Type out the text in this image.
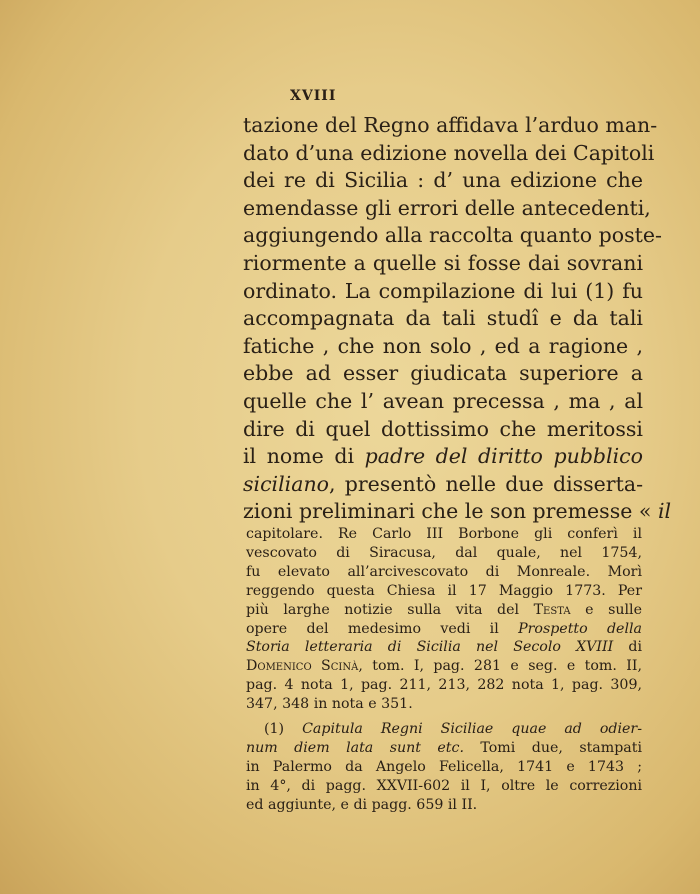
XVIII
tazione del Regno affidava l’arduo man-
dato d’una edizione novella dei Capitoli
dei re di Sicilia : d’ una edizione che
emendasse gli errori delle antecedenti,
aggiungendo alla raccolta quanto poste-
riormente a quelle si fosse dai sovrani
ordinato. La compilazione di lui (1) fu
accompagnata da tali studî e da tali
fatiche , che non solo , ed a ragione ,
ebbe ad esser giudicata superiore a
quelle che l’ avean precessa , ma , al
dire di quel dottissimo che meritossi
il nome di padre del diritto pubblico
siciliano, presentò nelle due disserta-
zioni preliminari che le son premesse « il
capitolare. Re Carlo III Borbone gli conferì il
vescovato di Siracusa, dal quale, nel 1754,
fu elevato all’arcivescovato di Monreale. Morì
reggendo questa Chiesa il 17 Maggio 1773. Per
più larghe notizie sulla vita del Testa e sulle
opere del medesimo vedi il Prospetto della
Storia letteraria di Sicilia nel Secolo XVIII di
Domenico Scinà, tom. I, pag. 281 e seg. e tom. II,
pag. 4 nota 1, pag. 211, 213, 282 nota 1, pag. 309,
347, 348 in nota e 351.
(1) Capitula Regni Siciliae quae ad odier-
num diem lata sunt etc. Tomi due, stampati
in Palermo da Angelo Felicella, 1741 e 1743 ;
in 4°, di pagg. XXVII-602 il I, oltre le correzioni
ed aggiunte, e di pagg. 659 il II.
